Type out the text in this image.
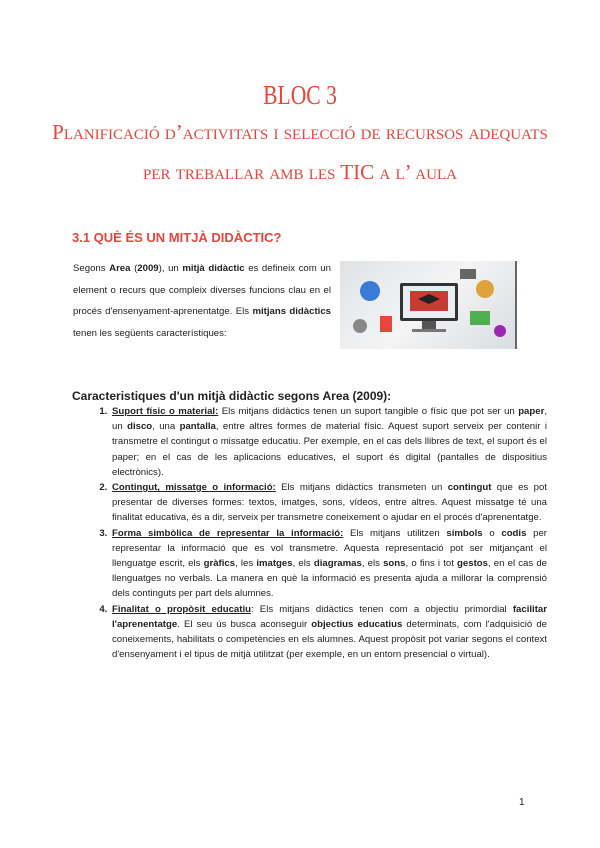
BLOC 3
Planificació d’activitats i selecció de recursos adequats
per treballar amb les TIC a l’ aula
3.1 QUÈ ÉS UN MITJÀ DIDÀCTIC?
Segons Area (2009), un mitjà didàctic es defineix com un element o recurs que compleix diverses funcions clau en el procés d'ensenyament-aprenentatge. Els mitjans didàctics tenen les següents característiques:
Caracteristiques d'un mitjà didàctic segons Area (2009):
1. Suport físic o material: Els mitjans didàctics tenen un suport tangible o físic que pot ser un paper, un disco, una pantalla, entre altres formes de material físic. Aquest suport serveix per contenir i transmetre el contingut o missatge educatiu. Per exemple, en el cas dels llibres de text, el suport és el paper; en el cas de les aplicacions educatives, el suport és digital (pantalles de dispositius electrònics).
2. Contingut, missatge o informació: Els mitjans didàctics transmeten un contingut que es pot presentar de diverses formes: textos, imatges, sons, vídeos, entre altres. Aquest missatge té una finalitat educativa, és a dir, serveix per transmetre coneixement o ajudar en el procés d'aprenentatge.
3. Forma simbòlica de representar la informació: Els mitjans utilitzen símbols o codis per representar la informació que es vol transmetre. Aquesta representació pot ser mitjançant el llenguatge escrit, els gràfics, les imatges, els diagramas, els sons, o fins i tot gestos, en el cas de llenguatges no verbals. La manera en què la informació es presenta ajuda a millorar la comprensió dels continguts per part dels alumnes.
4. Finalitat o propòsit educatiu: Els mitjans didàctics tenen com a objectiu primordial facilitar l'aprenentatge. El seu ús busca aconseguir objectius educatius determinats, com l'adquisició de coneixements, habilitats o competències en els alumnes. Aquest propòsit pot variar segons el context d'ensenyament i el tipus de mitjà utilitzat (per exemple, en un entorn presencial o virtual).
1
